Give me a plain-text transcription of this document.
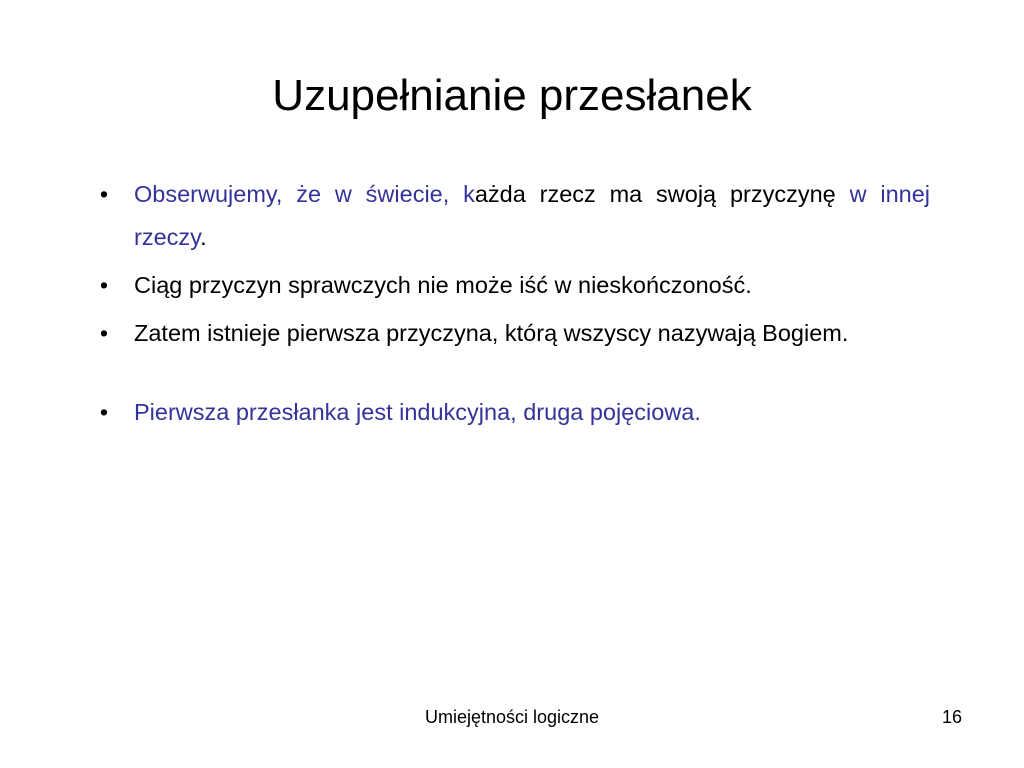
Uzupełnianie przesłanek
• Obserwujemy, że w świecie, każda rzecz ma swoją przyczynę w innej rzeczy.
• Ciąg przyczyn sprawczych nie może iść w nieskończoność.
• Zatem istnieje pierwsza przyczyna, którą wszyscy nazywają Bogiem.
• Pierwsza przesłanka jest indukcyjna, druga pojęciowa.
Umiejętności logiczne	16
